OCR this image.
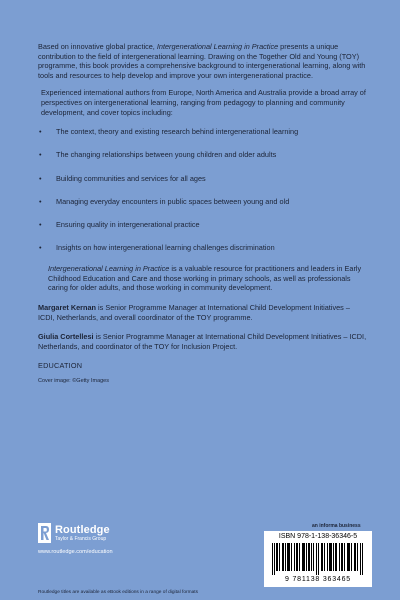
Based on innovative global practice, Intergenerational Learning in Practice presents a unique contribution to the field of intergenerational learning. Drawing on the Together Old and Young (TOY) programme, this book provides a comprehensive background to intergenerational learning, along with tools and resources to help develop and improve your own intergenerational practice.

Experienced international authors from Europe, North America and Australia provide a broad array of perspectives on intergenerational learning, ranging from pedagogy to planning and community development, and cover topics including:

• The context, theory and existing research behind intergenerational learning
• The changing relationships between young children and older adults
• Building communities and services for all ages
• Managing everyday encounters in public spaces between young and old
• Ensuring quality in intergenerational practice
• Insights on how intergenerational learning challenges discrimination

Intergenerational Learning in Practice is a valuable resource for practitioners and leaders in Early Childhood Education and Care and those working in primary schools, as well as professionals caring for older adults, and those working in community development.

Margaret Kernan is Senior Programme Manager at International Child Development Initiatives – ICDI, Netherlands, and overall coordinator of the TOY programme.

Giulia Cortellesi is Senior Programme Manager at International Child Development Initiatives – ICDI, Netherlands, and coordinator of the TOY for Inclusion Project.

EDUCATION
Cover image: ©Getty Images
Routledge
Taylor & Francis Group
www.routledge.com/education
an informa business
ISBN 978-1-138-36346-5
9 781138 363465
Routledge titles are available as eBook editions in a range of digital formats
